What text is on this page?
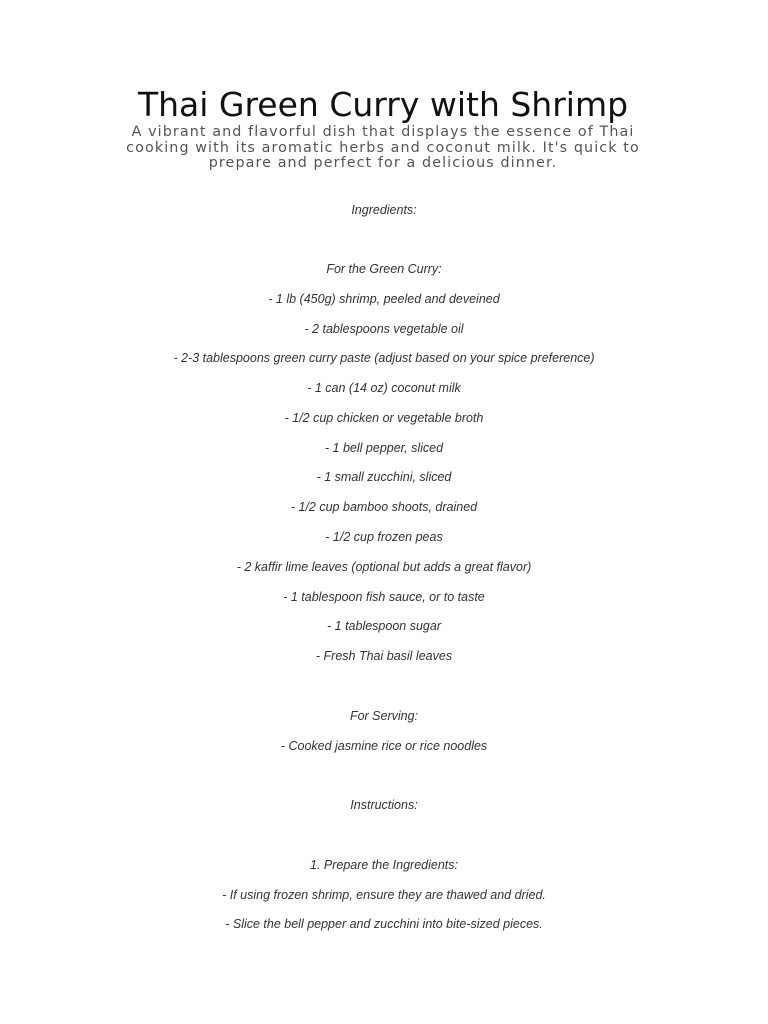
Thai Green Curry with Shrimp

A vibrant and flavorful dish that displays the essence of Thai cooking with its aromatic herbs and coconut milk. It's quick to prepare and perfect for a delicious dinner.

Ingredients:

For the Green Curry:

- 1 lb (450g) shrimp, peeled and deveined

- 2 tablespoons vegetable oil

- 2-3 tablespoons green curry paste (adjust based on your spice preference)

- 1 can (14 oz) coconut milk

- 1/2 cup chicken or vegetable broth

- 1 bell pepper, sliced

- 1 small zucchini, sliced

- 1/2 cup bamboo shoots, drained

- 1/2 cup frozen peas

- 2 kaffir lime leaves (optional but adds a great flavor)

- 1 tablespoon fish sauce, or to taste

- 1 tablespoon sugar

- Fresh Thai basil leaves

For Serving:

- Cooked jasmine rice or rice noodles

Instructions:

1. Prepare the Ingredients:

- If using frozen shrimp, ensure they are thawed and dried.

- Slice the bell pepper and zucchini into bite-sized pieces.
